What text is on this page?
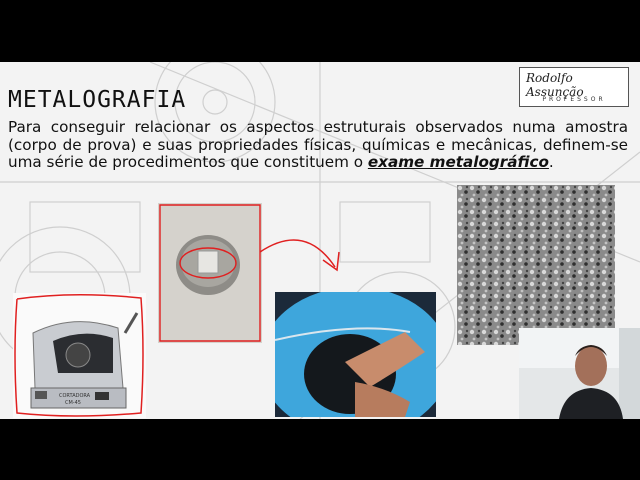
METALOGRAFIA

Para conseguir relacionar os aspectos estruturais observados numa amostra (corpo de prova) e suas propriedades físicas, químicas e mecânicas, definem-se uma série de procedimentos que constituem o exame metalográfico.

Rodolfo Assunção
PROFESSOR
CORTADORA
CM-45
